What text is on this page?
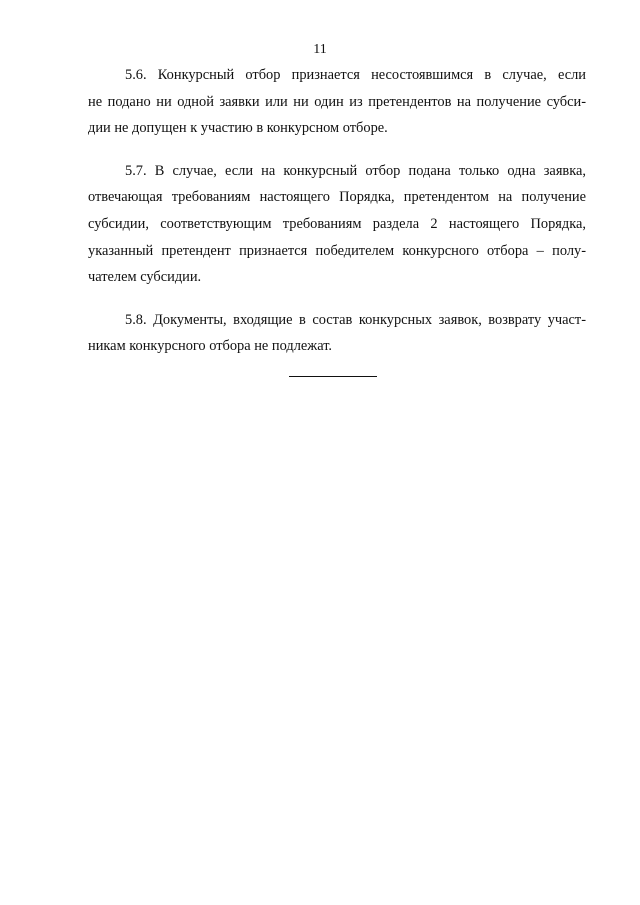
11
5.6. Конкурсный отбор признается несостоявшимся в случае, если
не подано ни одной заявки или ни один из претендентов на получение субси-
дии не допущен к участию в конкурсном отборе.
5.7. В случае, если на конкурсный отбор подана только одна заявка,
отвечающая требованиям настоящего Порядка, претендентом на получение
субсидии, соответствующим требованиям раздела 2 настоящего Порядка,
указанный претендент признается победителем конкурсного отбора – полу-
чателем субсидии.
5.8. Документы, входящие в состав конкурсных заявок, возврату участ-
никам конкурсного отбора не подлежат.
